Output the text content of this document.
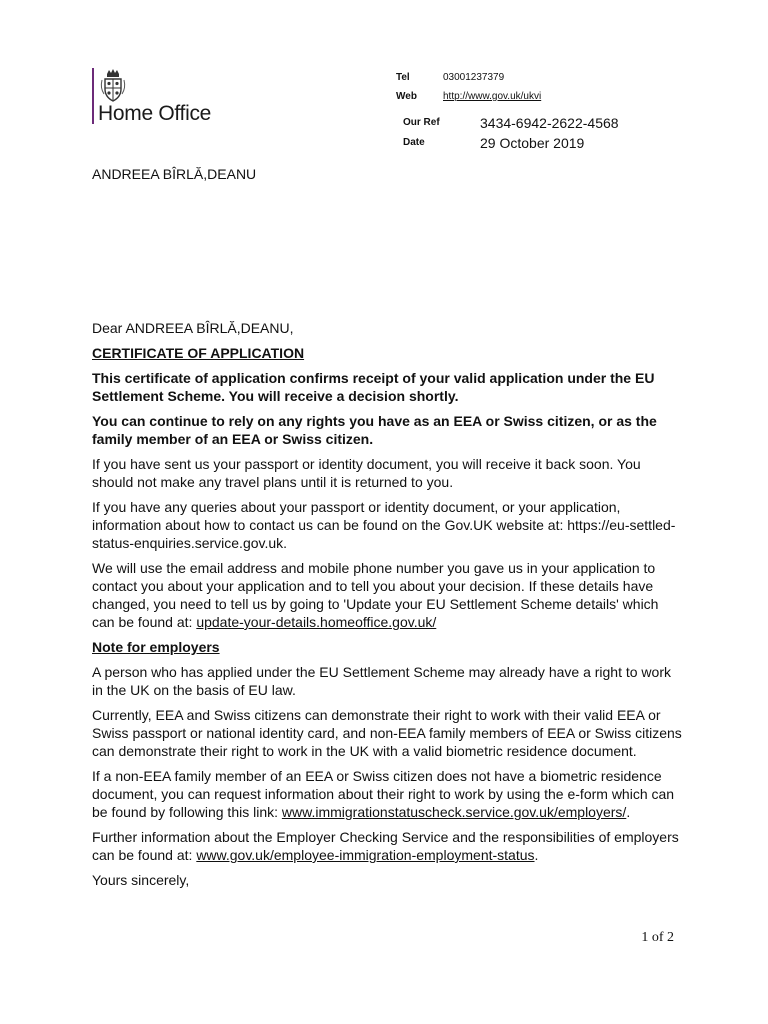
Home Office
Tel	03001237379
Web	http://www.gov.uk/ukvi
Our Ref	3434-6942-2622-4568
Date	29 October 2019
ANDREEA BÎRLĂ,DEANU

Dear ANDREEA BÎRLĂ,DEANU,

CERTIFICATE OF APPLICATION

This certificate of application confirms receipt of your valid application under the EU Settlement Scheme. You will receive a decision shortly.

You can continue to rely on any rights you have as an EEA or Swiss citizen, or as the family member of an EEA or Swiss citizen.

If you have sent us your passport or identity document, you will receive it back soon. You should not make any travel plans until it is returned to you.

If you have any queries about your passport or identity document, or your application, information about how to contact us can be found on the Gov.UK website at: https://eu-settled-status-enquiries.service.gov.uk.

We will use the email address and mobile phone number you gave us in your application to contact you about your application and to tell you about your decision. If these details have changed, you need to tell us by going to 'Update your EU Settlement Scheme details' which can be found at: update-your-details.homeoffice.gov.uk/

Note for employers

A person who has applied under the EU Settlement Scheme may already have a right to work in the UK on the basis of EU law.

Currently, EEA and Swiss citizens can demonstrate their right to work with their valid EEA or Swiss passport or national identity card, and non-EEA family members of EEA or Swiss citizens can demonstrate their right to work in the UK with a valid biometric residence document.

If a non-EEA family member of an EEA or Swiss citizen does not have a biometric residence document, you can request information about their right to work by using the e-form which can be found by following this link: www.immigrationstatuscheck.service.gov.uk/employers/.

Further information about the Employer Checking Service and the responsibilities of employers can be found at: www.gov.uk/employee-immigration-employment-status.

Yours sincerely,

1 of 2
